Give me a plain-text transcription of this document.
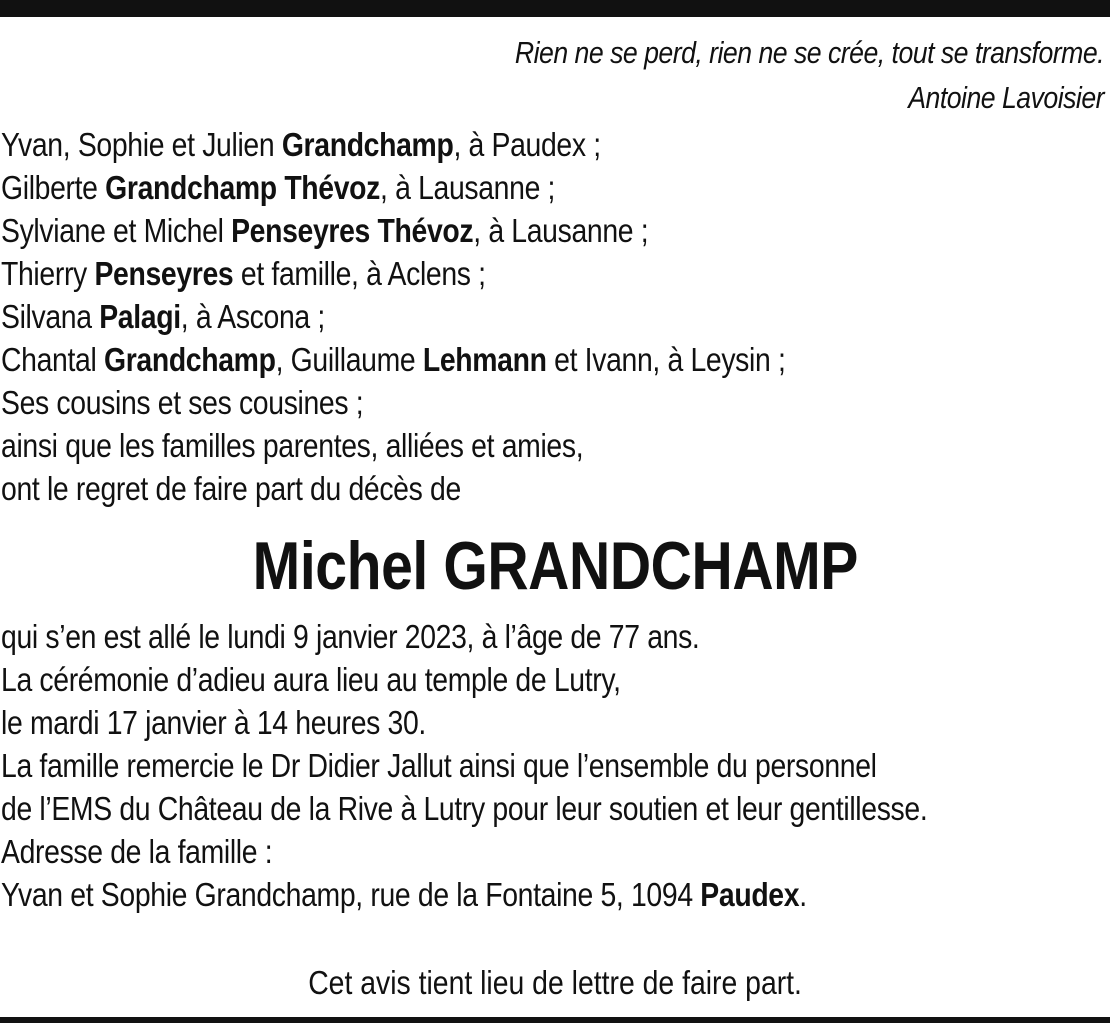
Rien ne se perd, rien ne se crée, tout se transforme.
Antoine Lavoisier
Yvan, Sophie et Julien Grandchamp, à Paudex ;
Gilberte Grandchamp Thévoz, à Lausanne ;
Sylviane et Michel Penseyres Thévoz, à Lausanne ;
Thierry Penseyres et famille, à Aclens ;
Silvana Palagi, à Ascona ;
Chantal Grandchamp, Guillaume Lehmann et Ivann, à Leysin ;
Ses cousins et ses cousines ;
ainsi que les familles parentes, alliées et amies,
ont le regret de faire part du décès de
Michel GRANDCHAMP
qui s’en est allé le lundi 9 janvier 2023, à l’âge de 77 ans.
La cérémonie d’adieu aura lieu au temple de Lutry,
le mardi 17 janvier à 14 heures 30.
La famille remercie le Dr Didier Jallut ainsi que l’ensemble du personnel
de l’EMS du Château de la Rive à Lutry pour leur soutien et leur gentillesse.
Adresse de la famille :
Yvan et Sophie Grandchamp, rue de la Fontaine 5, 1094 Paudex.
Cet avis tient lieu de lettre de faire part.
